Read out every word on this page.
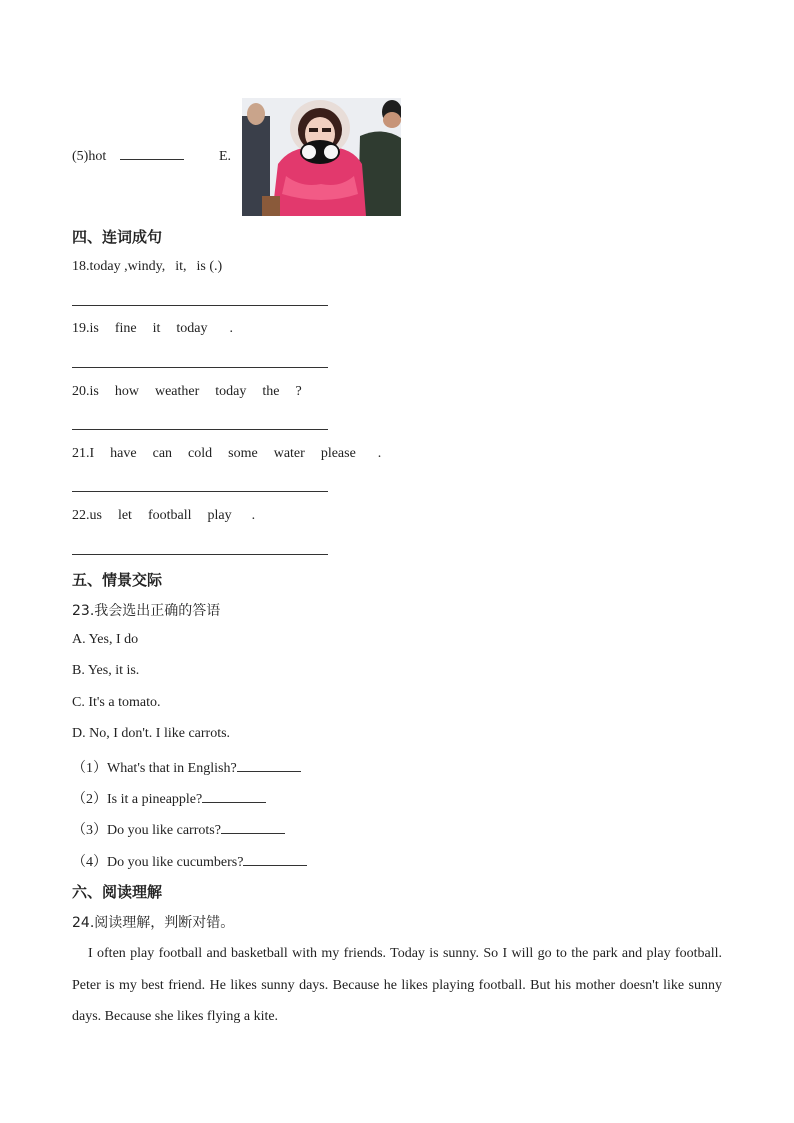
(5)hot	E.
四、连词成句
18.today ,windy, it, is (.)
19.is fine it today .
20.is how weather today the ?
21.I have can cold some water please .
22.us let football play .
五、情景交际
23.我会选出正确的答语
A. Yes, I do
B. Yes, it is.
C. It's a tomato.
D. No, I don't. I like carrots.
（1）What's that in English?
（2）Is it a pineapple?
（3）Do you like carrots?
（4）Do you like cucumbers?
六、阅读理解
24.阅读理解，判断对错。
I often play football and basketball with my friends. Today is sunny. So I will go to the park and play football. Peter is my best friend. He likes sunny days. Because he likes playing football. But his mother doesn't like sunny days. Because she likes flying a kite.
